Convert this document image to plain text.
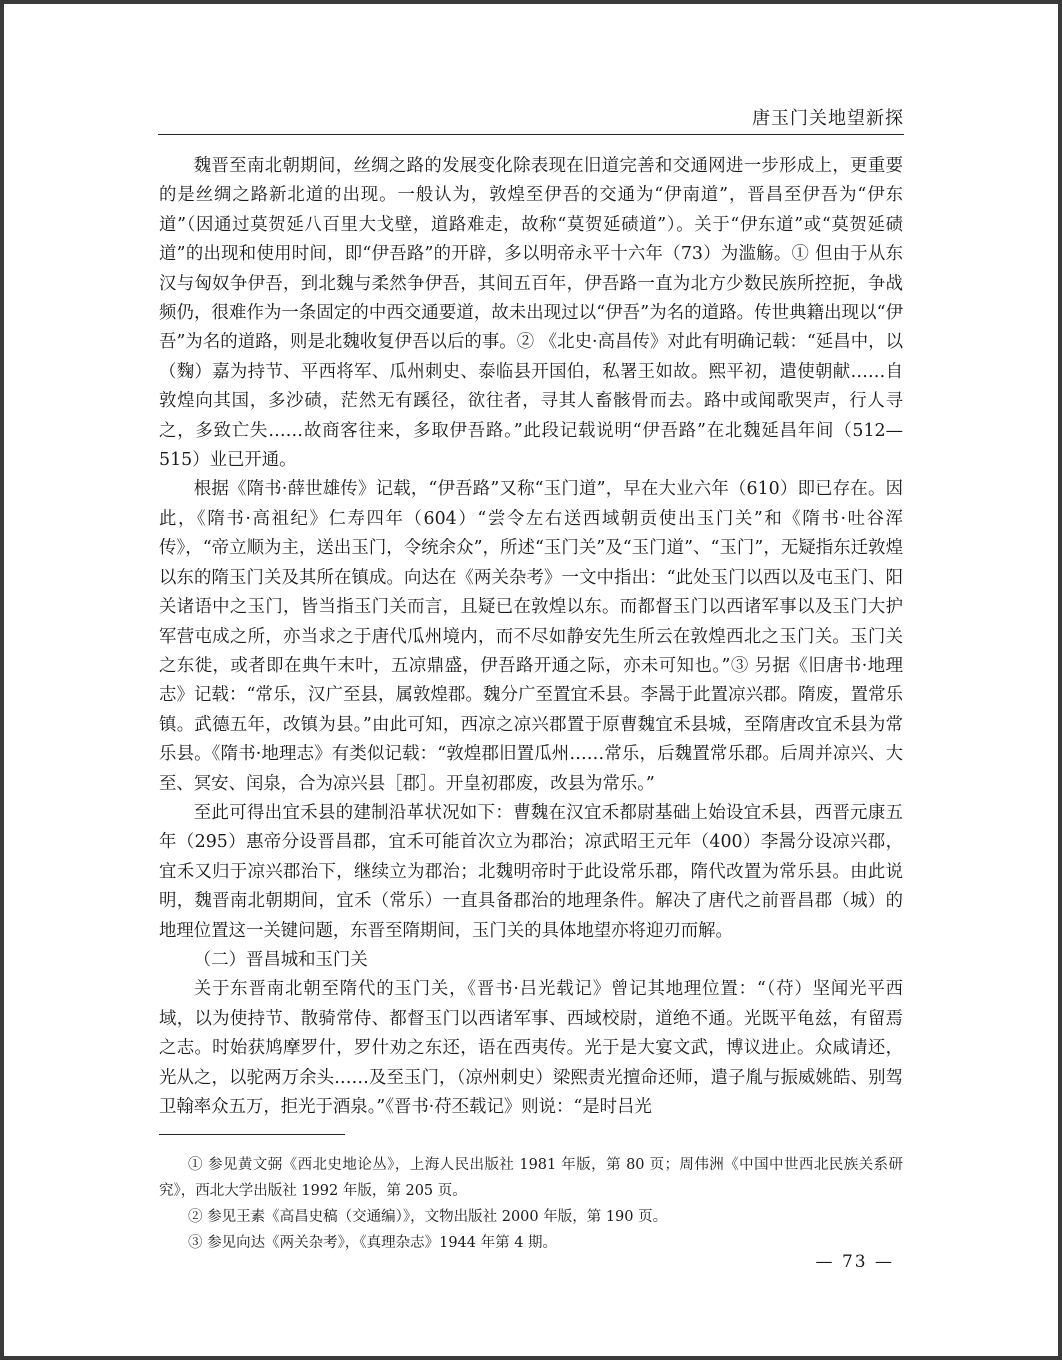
唐玉门关地望新探

魏晋至南北朝期间，丝绸之路的发展变化除表现在旧道完善和交通网进一步形成上，更重要的是丝绸之路新北道的出现。一般认为，敦煌至伊吾的交通为“伊南道”，晋昌至伊吾为“伊东道”（因通过莫贺延八百里大戈壁，道路难走，故称“莫贺延碛道”）。关于“伊东道”或“莫贺延碛道”的出现和使用时间，即“伊吾路”的开辟，多以明帝永平十六年（73）为滥觞。① 但由于从东汉与匈奴争伊吾，到北魏与柔然争伊吾，其间五百年，伊吾路一直为北方少数民族所控扼，争战频仍，很难作为一条固定的中西交通要道，故未出现过以“伊吾”为名的道路。传世典籍出现以“伊吾”为名的道路，则是北魏收复伊吾以后的事。② 《北史·高昌传》对此有明确记载：“延昌中，以（麴）嘉为持节、平西将军、瓜州刺史、泰临县开国伯，私署王如故。熙平初，遣使朝献……自敦煌向其国，多沙碛，茫然无有蹊径，欲往者，寻其人畜骸骨而去。路中或闻歌哭声，行人寻之，多致亡失……故商客往来，多取伊吾路。”此段记载说明“伊吾路”在北魏延昌年间（512—515）业已开通。

根据《隋书·薛世雄传》记载，“伊吾路”又称“玉门道”，早在大业六年（610）即已存在。因此，《隋书·高祖纪》仁寿四年（604）“尝令左右送西域朝贡使出玉门关”和《隋书·吐谷浑传》，“帝立顺为主，送出玉门，令统余众”，所述“玉门关”及“玉门道”、“玉门”，无疑指东迁敦煌以东的隋玉门关及其所在镇成。向达在《两关杂考》一文中指出：“此处玉门以西以及屯玉门、阳关诸语中之玉门，皆当指玉门关而言，且疑已在敦煌以东。而都督玉门以西诸军事以及玉门大护军营屯成之所，亦当求之于唐代瓜州境内，而不尽如静安先生所云在敦煌西北之玉门关。玉门关之东徙，或者即在典午末叶，五凉鼎盛，伊吾路开通之际，亦未可知也。”③ 另据《旧唐书·地理志》记载：“常乐，汉广至县，属敦煌郡。魏分广至置宜禾县。李暠于此置凉兴郡。隋废，置常乐镇。武德五年，改镇为县。”由此可知，西凉之凉兴郡置于原曹魏宜禾县城，至隋唐改宜禾县为常乐县。《隋书·地理志》有类似记载：“敦煌郡旧置瓜州……常乐，后魏置常乐郡。后周并凉兴、大至、冥安、闰泉，合为凉兴县［郡］。开皇初郡废，改县为常乐。”

至此可得出宜禾县的建制沿革状况如下：曹魏在汉宜禾都尉基础上始设宜禾县，西晋元康五年（295）惠帝分设晋昌郡，宜禾可能首次立为郡治；凉武昭王元年（400）李暠分设凉兴郡，宜禾又归于凉兴郡治下，继续立为郡治；北魏明帝时于此设常乐郡，隋代改置为常乐县。由此说明，魏晋南北朝期间，宜禾（常乐）一直具备郡治的地理条件。解决了唐代之前晋昌郡（城）的地理位置这一关键问题，东晋至隋期间，玉门关的具体地望亦将迎刃而解。

（二）晋昌城和玉门关

关于东晋南北朝至隋代的玉门关，《晋书·吕光载记》曾记其地理位置：“（苻）坚闻光平西域，以为使持节、散骑常侍、都督玉门以西诸军事、西域校尉，道绝不通。光既平龟兹，有留焉之志。时始获鸠摩罗什，罗什劝之东还，语在西夷传。光于是大宴文武，博议进止。众咸请还，光从之，以驼两万余头……及至玉门，（凉州刺史）梁熙责光擅命还师，遣子胤与振威姚皓、别驾卫翰率众五万，拒光于酒泉。”《晋书·苻丕载记》则说：“是时吕光

① 参见黄文弼《西北史地论丛》，上海人民出版社 1981 年版，第 80 页；周伟洲《中国中世西北民族关系研究》，西北大学出版社 1992 年版，第 205 页。

② 参见王素《高昌史稿（交通编）》，文物出版社 2000 年版，第 190 页。

③ 参见向达《两关杂考》，《真理杂志》1944 年第 4 期。

— 73 —
